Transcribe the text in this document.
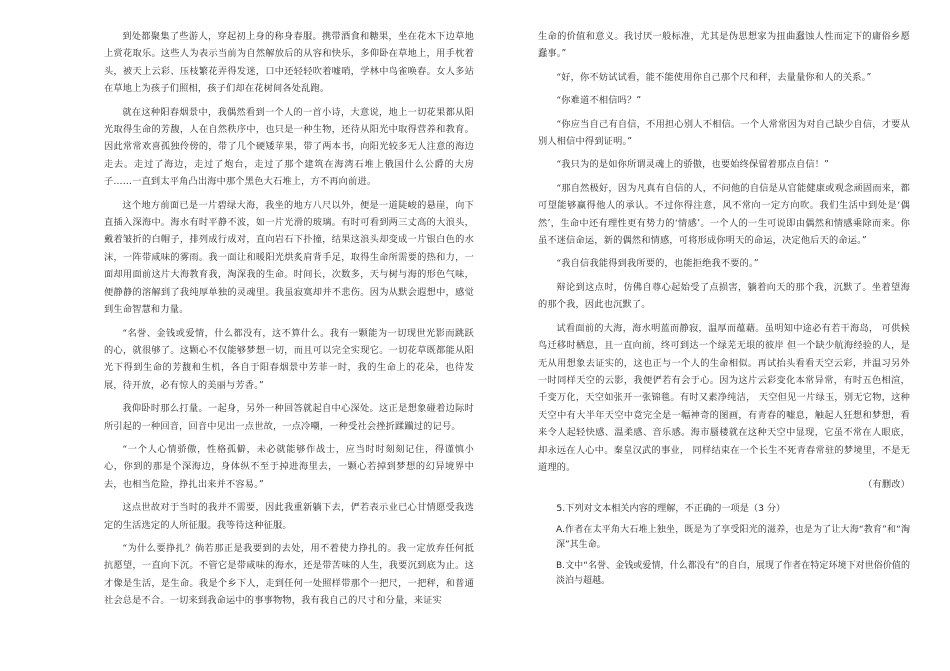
到处都聚集了些游人，穿起初上身的称身春服。携带酒食和糖果，坐在花木下边草地上赏花取乐。这些人为表示当前为自然解放后的从容和快乐，多仰卧在草地上，用手枕着头，被天上云彩、压枝繁花弄得发迷，口中还轻轻吹着嘘哨，学林中鸟雀唤春。女人多站在草地上为孩子们照相，孩子们却在花树间各处乱跑。

就在这种阳春烟景中，我偶然看到一个人的一首小诗，大意说，地上一切花果都从阳光取得生命的芳馥，人在自然秩序中，也只是一种生物，还待从阳光中取得营养和教育。因此常常欢喜孤独伶傍的，带了几个硬矮苹果，带了两本书，向阳光较多无人注意的海边走去。走过了海边，走过了炮台，走过了那个建筑在海湾石堆上俄国什么公爵的大房子……一直到太平角凸出海中那个黑色大石堆上，方不再向前进。

这个地方前面已是一片碧绿大海，我坐的地方八尺以外，便是一道陡峻的悬崖，向下直插入深海中。海水有时平静不波，如一片光滑的玻璃。有时可看到两三丈高的大浪头，戴着皱折的白帽子，排列成行成对，直向岩石下扑撞，结果这浪头却变成一片银白色的水沫，一阵带咸味的雾雨。我一面让和暖阳光烘炙肩背手足，取得生命所需要的热和力，一面却用面前这片大海教育我，淘深我的生命。时间长，次数多，天与树与海的形色气味，便静静的溶解到了我纯厚单独的灵魂里。我虽寂寞却并不悲伤。因为从默会遐想中，感觉到生命智慧和力量。

“名誉、金钱或爱情，什么都没有，这不算什么。我有一颗能为一切现世光影而跳跃的心，就很够了。这颗心不仅能够梦想一切，而且可以完全实现它。一切花草既都能从阳光下得到生命的芳馥和生机，各自于阳春烟景中芳菲一时，我的生命上的花朵，也待发展，待开放，必有惊人的美丽与芳香。”

我仰卧时那么打量。一起身，另外一种回答就起自中心深处。这正是想象碰着边际时所引起的一种回音，回音中见出一点世故，一点冷嘲，一种受社会挫折蹂躏过的记号。

“一个人心情骄傲，性格孤僻，未必就能够作战士，应当时时刻刻记住，得谨慎小心，你到的那是个深海边，身体纵不至于掉进海里去，一颗心若掉到梦想的幻异境界中去，也相当危险，挣扎出来并不容易。”

这点世故对于当时的我并不需要，因此我重新躺下去，俨若表示业已心甘情愿受我选定的生活选定的人所征服。我等待这种征服。

“为什么要挣扎？倘若那正是我要到的去处，用不着使力挣扎的。我一定放弃任何抵抗愿望，一直向下沉。不管它是带咸味的海水，还是带苦味的人生，我要沉到底为止。这才像是生活，是生命。我是个乡下人，走到任何一处照样带那个一把尺，一把秤，和普通社会总是不合。一切来到我命运中的事事物物，我有我自己的尺寸和分量，来证实

生命的价值和意义。我讨厌一般标准，尤其是伪思想家为扭曲蠢蚀人性而定下的庸俗乡愿蠢事。”

“好，你不妨试试看，能不能使用你自己那个尺和秤，去量量你和人的关系。”

“你难道不相信吗？”

“你应当自己有自信，不用担心别人不相信。一个人常常因为对自己缺少自信，才要从别人相信中得到证明。”

“我只为的是如你所谓灵魂上的骄傲，也要始终保留着那点自信！”

“那自然极好，因为凡真有自信的人，不问他的自信是从官能健康或观念顽固而来，都可望能够赢得他人的承认。不过你得注意，风不常向一定方向吹。我们生活中到处是‘偶然’，生命中还有理性更有势力的‘情感’。一个人的一生可说即由偶然和情感乘除而来。你虽不迷信命运，新的偶然和情感，可将形成你明天的命运，决定他后天的命运。”

“我自信我能得到我所要的，也能拒绝我不要的。”

辩论到这点时，仿佛自尊心起始受了点损害，躺着向天的那个我，沉默了。坐着望海的那个我，因此也沉默了。

试看面前的大海，海水明蓝而静寂，温厚而蕴藉。虽明知中途必有若干海岛， 可供候鸟迁移时栖息，且一直向前，终可到达一个绿芜无垠的彼岸 但一个缺少航海经验的人，是无从用想象去证实的，这也正与一个人的生命相似。再试抬头看看天空云彩，并温习另外一时同样天空的云影，我便俨若有会于心。因为这片云彩变化本常异常，有时五色相渲，千变万化，天空如张开一张锦毯。有时又素净纯洁， 天空但见一片绿玉，别无它物，这种天空中有大半年天空中竟完全是一幅神奇的图画，有青春的嘘息，触起人狂想和梦想，看来令人起轻快感、温柔感、音乐感。海市蜃楼就在这种天空中显现，它虽不常在人眼底，却永远在人心中。秦皇汉武的事业， 同样结束在一个长生不死青春常驻的梦境里，不是无道理的。
（有删改）

5.下列对文本相关内容的理解，不正确的一项是（3 分）

A.作者在太平角大石堆上独坐，既是为了享受阳光的滋养，也是为了让大海“教育”和“淘深”其生命。

B.文中“名誉、金钱或爱情，什么都没有”的自白，展现了作者在特定环境下对世俗价值的淡泊与超越。
